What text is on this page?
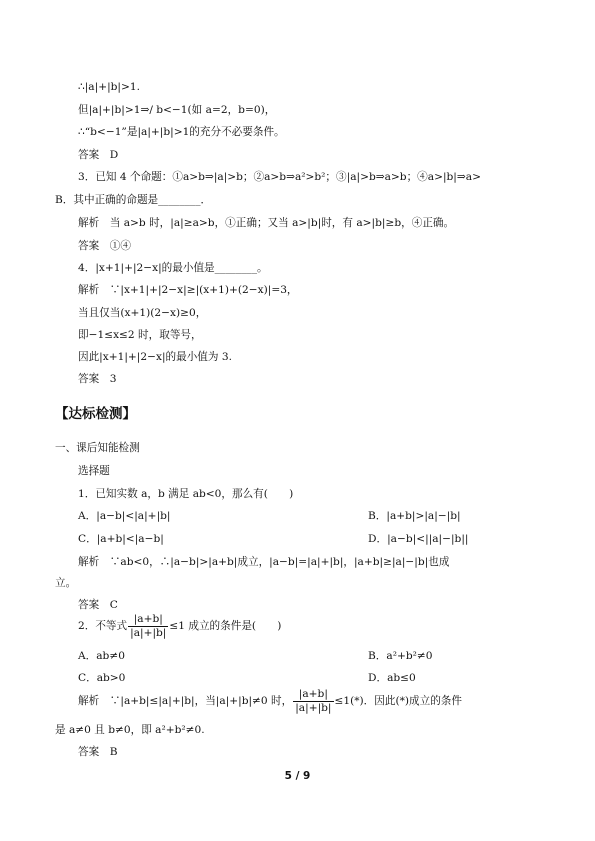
∴|a|+|b|>1.
但|a|+|b|>1⇒/ b<−1(如 a=2，b=0)，
∴“b<−1”是|a|+|b|>1的充分不必要条件。
答案　D
3．已知 4 个命题：①a>b⇒|a|>b；②a>b⇒a²>b²；③|a|>b⇒a>b；④a>|b|⇒a>
B．其中正确的命题是________．
解析　当 a>b 时，|a|≥a>b，①正确；又当 a>|b|时，有 a>|b|≥b，④正确。
答案　①④
4．|x+1|+|2−x|的最小值是________。
解析　∵|x+1|+|2−x|≥|(x+1)+(2−x)|=3，
当且仅当(x+1)(2−x)≥0，
即−1≤x≤2 时，取等号，
因此|x+1|+|2−x|的最小值为 3.
答案　3
【达标检测】
一、课后知能检测
选择题
1．已知实数 a，b 满足 ab<0，那么有(　　)
A．|a−b|<|a|+|b|	B．|a+b|>|a|−|b|
C．|a+b|<|a−b|	D．|a−b|<||a|−|b||
解析　∵ab<0，∴|a−b|>|a+b|成立，|a−b|=|a|+|b|，|a+b|≥|a|−|b|也成
立。
答案　C
2．不等式 $\frac{|a+b|}{|a|+|b|} \le 1$ 成立的条件是(　　)
A．ab≠0	B．a²+b²≠0
C．ab>0	D．ab≤0
解析　∵|a+b|≤|a|+|b|，当|a|+|b|≠0 时， $\frac{|a+b|}{|a|+|b|} \le 1(*)$．因此(*)成立的条件
是 a≠0 且 b≠0，即 a²+b²≠0.
答案　B
5 / 9
